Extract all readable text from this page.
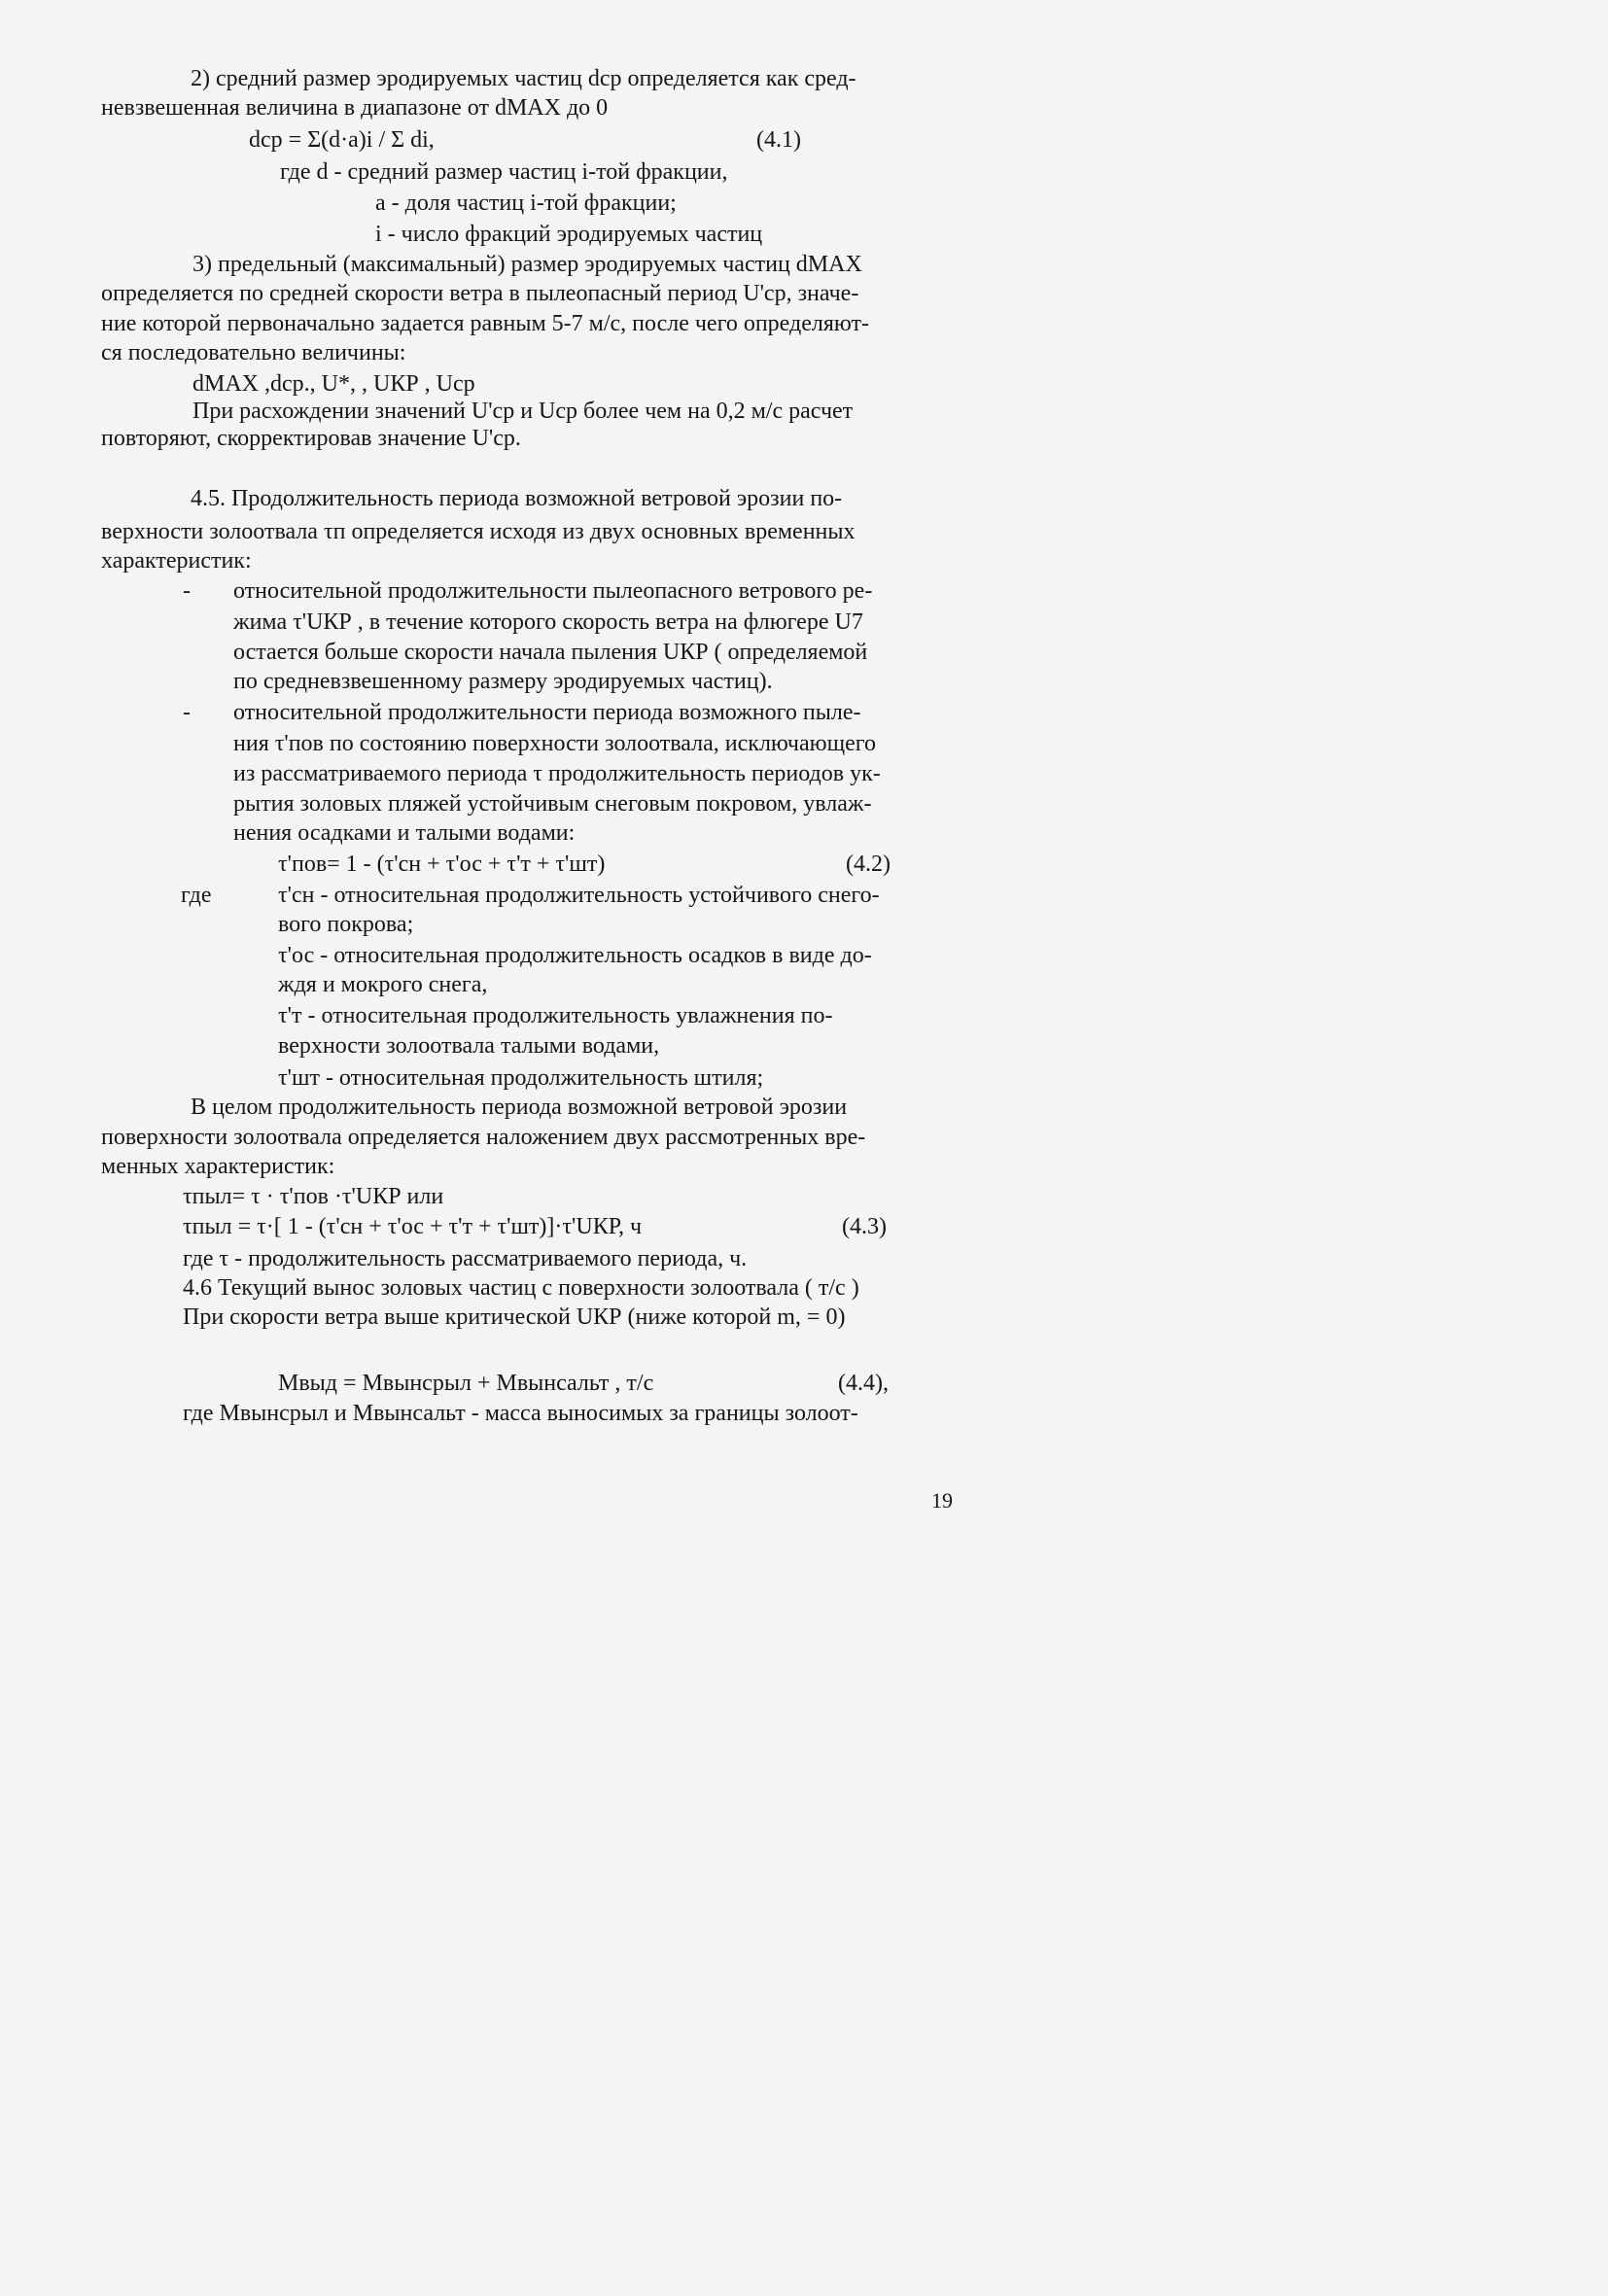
2) средний размер эродируемых частиц dср определяется как сред-
невзвешенная величина в диапазоне от dMAX до 0
dср = Σ(d·a)i / Σ di,
где d - средний размер частиц i-той фракции,
a - доля частиц i-той фракции;
i - число фракций эродируемых частиц
3) предельный (максимальный) размер эродируемых частиц dMAX
определяется по средней скорости ветра в пылеопасный период U'ср, значе-
ние которой первоначально задается равным 5-7 м/с, после чего определяют-
ся последовательно величины:
dMAX ,dср., U*, , UКР , Uср
При расхождении значений U'ср и Uср более чем на 0,2 м/с расчет
повторяют, скорректировав значение U'ср.
4.5. Продолжительность периода возможной ветровой эрозии по-
верхности золоотвала τп определяется исходя из двух основных временных
характеристик:
- относительной продолжительности пылеопасного ветрового ре-
жима τ'UКР , в течение которого скорость ветра на флюгере U7
остается больше скорости начала пыления UКР ( определяемой
по средневзвешенному размеру эродируемых частиц).
- относительной продолжительности периода возможного пыле-
ния τ'пов по состоянию поверхности золоотвала, исключающего
из рассматриваемого периода τ продолжительность периодов ук-
рытия золовых пляжей устойчивым снеговым покровом, увлаж-
нения осадками и талыми водами:
τ'пов= 1 - (τ'сн + τ'ос + τ'т + τ'шт)
где	τ'сн - относительная продолжительность устойчивого снего-
вого покрова;
τ'ос - относительная продолжительность осадков в виде до-
ждя и мокрого снега,
τ'т - относительная продолжительность увлажнения по-
верхности золоотвала талыми водами,
τ'шт - относительная продолжительность штиля;
В целом продолжительность периода возможной ветровой эрозии
поверхности золоотвала определяется наложением двух рассмотренных вре-
менных характеристик:
τпыл= τ · τ'пов ·τ'UКР или
τпыл = τ·[ 1 - (τ'сн + τ'ос + τ'т + τ'шт)]·τ'UКР, ч
где τ - продолжительность рассматриваемого периода, ч.
4.6 Текущий вынос золовых частиц с поверхности золоотвала ( т/с )
При скорости ветра выше критической UКР (ниже которой m, = 0)
Мвыд = Мвынсрыл + Мвынсальт , т/с
где Мвынсрыл и Мвынсальт - масса выносимых за границы золоот-
(4.1)
(4.2)
(4.3)
(4.4),
19
